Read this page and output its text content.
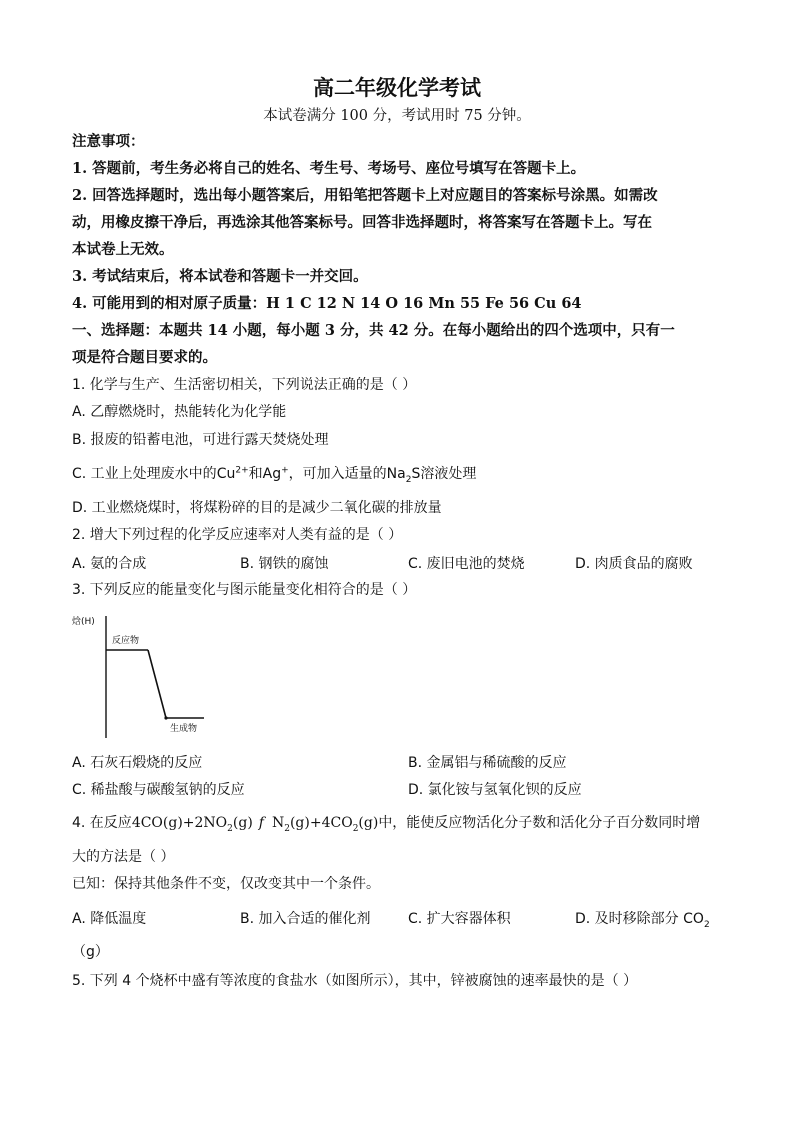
高二年级化学考试
本试卷满分 100 分，考试用时 75 分钟。
注意事项：
1. 答题前，考生务必将自己的姓名、考生号、考场号、座位号填写在答题卡上。
2. 回答选择题时，选出每小题答案后，用铅笔把答题卡上对应题目的答案标号涂黑。如需改
动，用橡皮擦干净后，再选涂其他答案标号。回答非选择题时，将答案写在答题卡上。写在
本试卷上无效。
3. 考试结束后，将本试卷和答题卡一并交回。
4. 可能用到的相对原子质量：H 1 C 12 N 14 O 16 Mn 55 Fe 56 Cu 64
一、选择题：本题共 14 小题，每小题 3 分，共 42 分。在每小题给出的四个选项中，只有一
项是符合题目要求的。
1. 化学与生产、生活密切相关，下列说法正确的是（ ）
A. 乙醇燃烧时，热能转化为化学能
B. 报废的铅蓄电池，可进行露天焚烧处理
C. 工业上处理废水中的$Cu^{2+}$和Ag+，可加入适量的$Na_2S$溶液处理
D. 工业燃烧煤时，将煤粉碎的目的是减少二氧化碳的排放量
2. 增大下列过程的化学反应速率对人类有益的是（ ）
A. 氨的合成	B. 钢铁的腐蚀	C. 废旧电池的焚烧	D. 肉质食品的腐败
3. 下列反应的能量变化与图示能量变化相符合的是（ ）
焓(H)
反应物
生成物
A. 石灰石煅烧的反应	B. 金属铝与稀硫酸的反应
C. 稀盐酸与碳酸氢钠的反应	D. 氯化铵与氢氧化钡的反应
4. 在反应$4CO(g)+2NO_2(g)$ f $N_2(g)+4CO_2(g)$中，能使反应物活化分子数和活化分子百分数同时增
大的方法是（ ）
已知：保持其他条件不变，仅改变其中一个条件。
A. 降低温度	B. 加入合适的催化剂	C. 扩大容器体积	D. 及时移除部分 $CO_2$
（g）
5. 下列 4 个烧杯中盛有等浓度的食盐水（如图所示），其中，锌被腐蚀的速率最快的是（ ）
